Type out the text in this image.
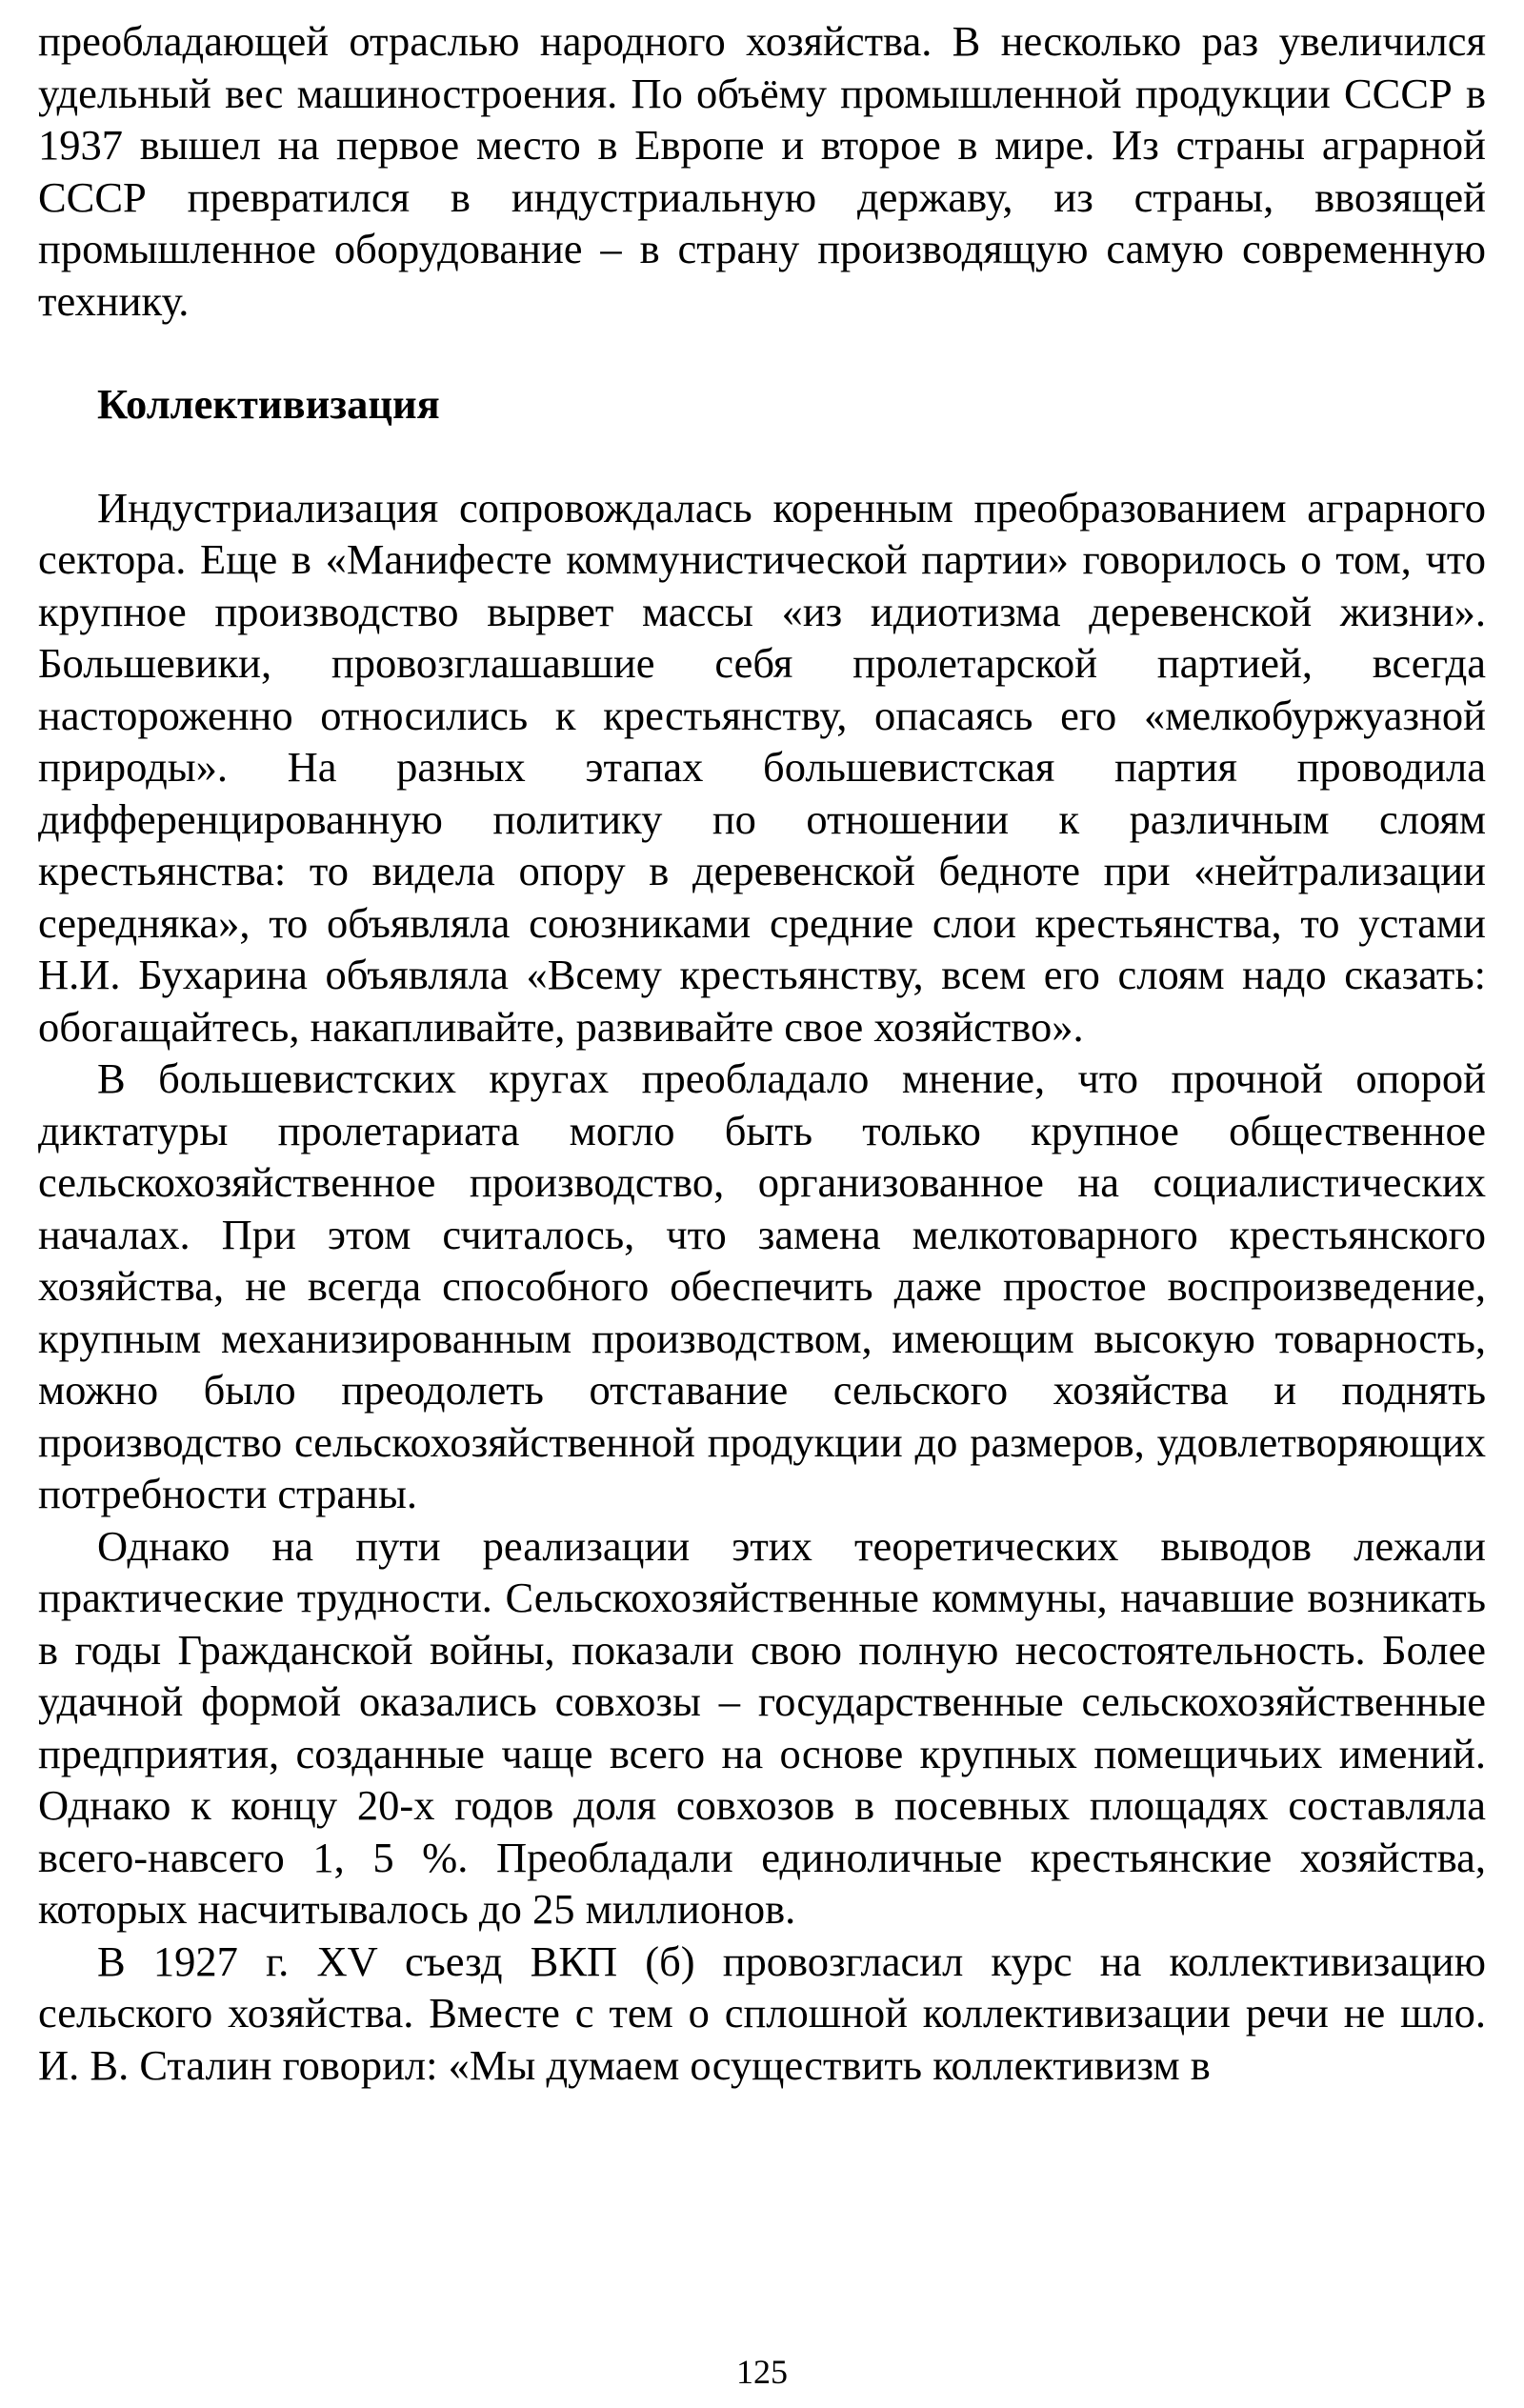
преобладающей отраслью народного хозяйства. В несколько раз увеличился удельный вес машиностроения. По объёму промышленной продукции СССР в 1937 вышел на первое место в Европе и второе в мире. Из страны аграрной СССР превратился в индустриальную державу, из страны, ввозящей промышленное оборудование – в страну производящую самую современную технику.

Коллективизация

Индустриализация сопровождалась коренным преобразованием аграрного сектора. Еще в «Манифесте коммунистической партии» говорилось о том, что крупное производство вырвет массы «из идиотизма деревенской жизни». Большевики, провозглашавшие себя пролетарской партией, всегда настороженно относились к крестьянству, опасаясь его «мелкобуржуазной природы». На разных этапах большевистская партия проводила дифференцированную политику по отношении к различным слоям крестьянства: то видела опору в деревенской бедноте при «нейтрализации середняка», то объявляла союзниками средние слои крестьянства, то устами Н.И. Бухарина объявляла «Всему крестьянству, всем его слоям надо сказать: обогащайтесь, накапливайте, развивайте свое хозяйство».

В большевистских кругах преобладало мнение, что прочной опорой диктатуры пролетариата могло быть только крупное общественное сельскохозяйственное производство, организованное на социалистических началах. При этом считалось, что замена мелкотоварного крестьянского хозяйства, не всегда способного обеспечить даже простое воспроизведение, крупным механизированным производством, имеющим высокую товарность, можно было преодолеть отставание сельского хозяйства и поднять производство сельскохозяйственной продукции до размеров, удовлетворяющих потребности страны.

Однако на пути реализации этих теоретических выводов лежали практические трудности. Сельскохозяйственные коммуны, начавшие возникать в годы Гражданской войны, показали свою полную несостоятельность. Более удачной формой оказались совхозы – государственные сельскохозяйственные предприятия, созданные чаще всего на основе крупных помещичьих имений. Однако к концу 20-х годов доля совхозов в посевных площадях составляла всего-навсего 1, 5 %. Преобладали единоличные крестьянские хозяйства, которых насчитывалось до 25 миллионов.

В 1927 г. XV съезд ВКП (б) провозгласил курс на коллективизацию сельского хозяйства. Вместе с тем о сплошной коллективизации речи не шло. И. В. Сталин говорил: «Мы думаем осуществить коллективизм в

125
